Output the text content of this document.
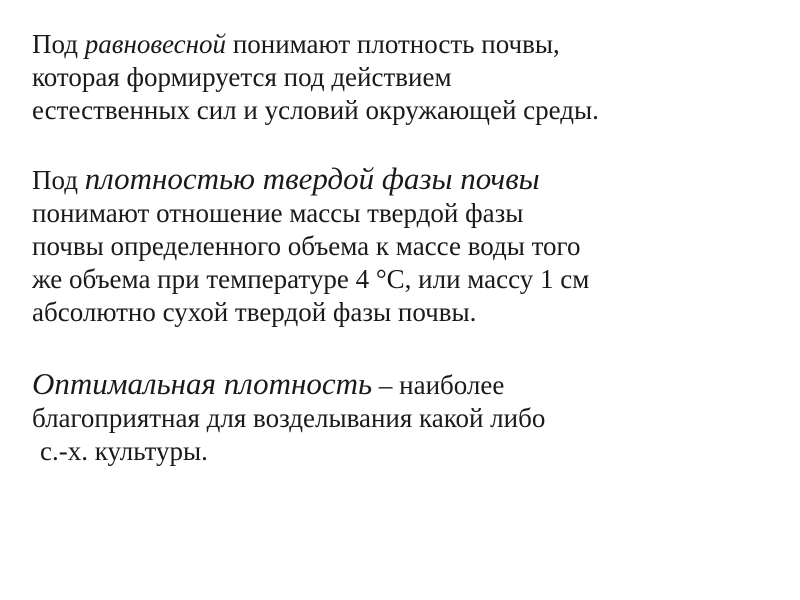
Под равновесной понимают плотность почвы,
которая формируется под действием
естественных сил и условий окружающей среды.

Под плотностью твердой фазы почвы
понимают отношение массы твердой фазы
почвы определенного объема к массе воды того
же объема при температуре 4 °С, или массу 1 см
абсолютно сухой твердой фазы почвы.

Оптимальная плотность – наиболее
благоприятная для возделывания какой либо
с.-х. культуры.
